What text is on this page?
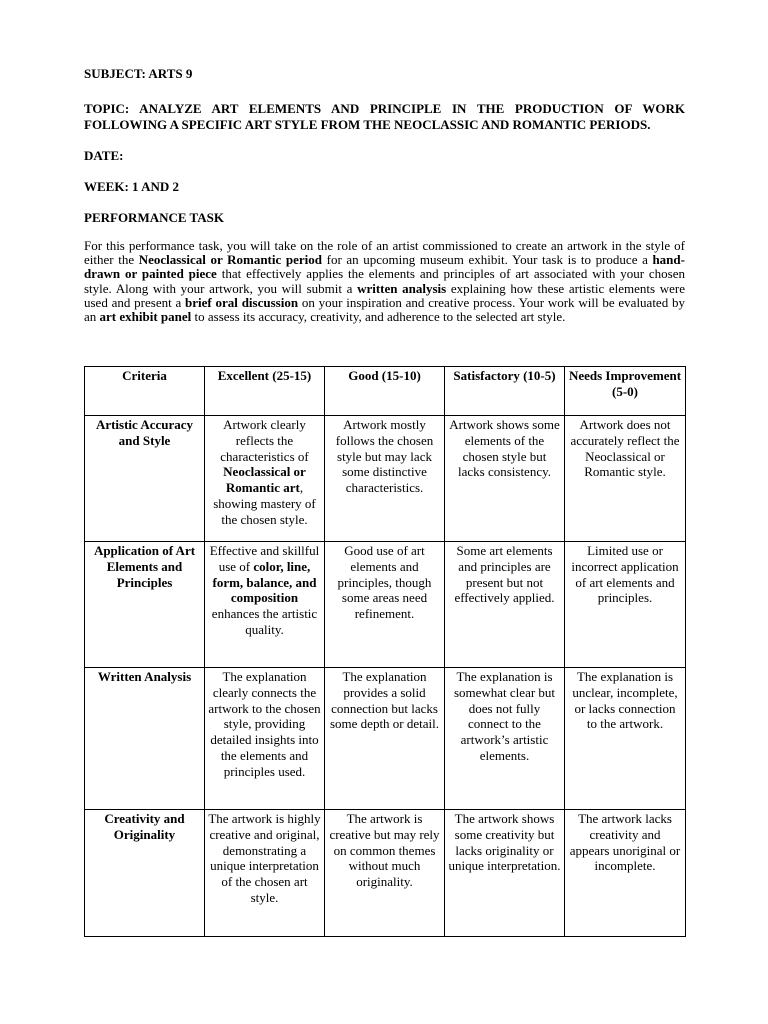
SUBJECT: ARTS 9

TOPIC: ANALYZE ART ELEMENTS AND PRINCIPLE IN THE PRODUCTION OF WORK FOLLOWING A SPECIFIC ART STYLE FROM THE NEOCLASSIC AND ROMANTIC PERIODS.

DATE:

WEEK: 1 AND 2

PERFORMANCE TASK

For this performance task, you will take on the role of an artist commissioned to create an artwork in the style of either the Neoclassical or Romantic period for an upcoming museum exhibit. Your task is to produce a hand-drawn or painted piece that effectively applies the elements and principles of art associated with your chosen style. Along with your artwork, you will submit a written analysis explaining how these artistic elements were used and present a brief oral discussion on your inspiration and creative process. Your work will be evaluated by an art exhibit panel to assess its accuracy, creativity, and adherence to the selected art style.

Criteria	Excellent (25-15)	Good (15-10)	Satisfactory (10-5)	Needs Improvement (5-0)
Artistic Accuracy and Style	Artwork clearly reflects the characteristics of Neoclassical or Romantic art, showing mastery of the chosen style.	Artwork mostly follows the chosen style but may lack some distinctive characteristics.	Artwork shows some elements of the chosen style but lacks consistency.	Artwork does not accurately reflect the Neoclassical or Romantic style.
Application of Art Elements and Principles	Effective and skillful use of color, line, form, balance, and composition enhances the artistic quality.	Good use of art elements and principles, though some areas need refinement.	Some art elements and principles are present but not effectively applied.	Limited use or incorrect application of art elements and principles.
Written Analysis	The explanation clearly connects the artwork to the chosen style, providing detailed insights into the elements and principles used.	The explanation provides a solid connection but lacks some depth or detail.	The explanation is somewhat clear but does not fully connect to the artwork’s artistic elements.	The explanation is unclear, incomplete, or lacks connection to the artwork.
Creativity and Originality	The artwork is highly creative and original, demonstrating a unique interpretation of the chosen art style.	The artwork is creative but may rely on common themes without much originality.	The artwork shows some creativity but lacks originality or unique interpretation.	The artwork lacks creativity and appears unoriginal or incomplete.
